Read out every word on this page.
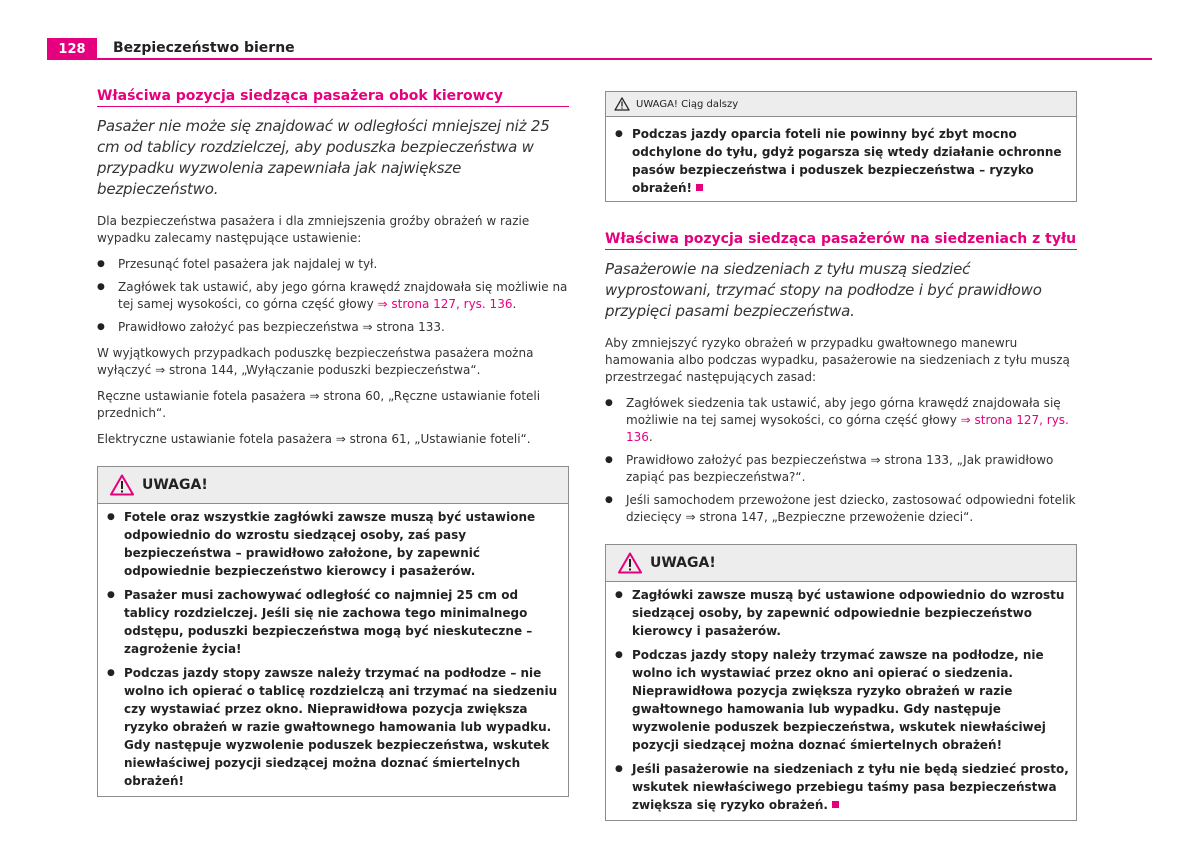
128	Bezpieczeństwo bierne
Właściwa pozycja siedząca pasażera obok kierowcy
Pasażer nie może się znajdować w odległości mniejszej niż 25 cm od tablicy rozdzielczej, aby poduszka bezpieczeństwa w przypadku wyzwolenia zapewniała jak największe bezpieczeństwo.
Dla bezpieczeństwa pasażera i dla zmniejszenia groźby obrażeń w razie wypadku zalecamy następujące ustawienie:
● Przesunąć fotel pasażera jak najdalej w tył.
● Zagłówek tak ustawić, aby jego górna krawędź znajdowała się możliwie na tej samej wysokości, co górna część głowy ⇒ strona 127, rys. 136.
● Prawidłowo założyć pas bezpieczeństwa ⇒ strona 133.
W wyjątkowych przypadkach poduszkę bezpieczeństwa pasażera można wyłączyć ⇒ strona 144, „Wyłączanie poduszki bezpieczeństwa“.
Ręczne ustawianie fotela pasażera ⇒ strona 60, „Ręczne ustawianie foteli przednich“.
Elektryczne ustawianie fotela pasażera ⇒ strona 61, „Ustawianie foteli“.
UWAGA!
● Fotele oraz wszystkie zagłówki zawsze muszą być ustawione odpowiednio do wzrostu siedzącej osoby, zaś pasy bezpieczeństwa – prawidłowo założone, by zapewnić odpowiednie bezpieczeństwo kierowcy i pasażerów.
● Pasażer musi zachowywać odległość co najmniej 25 cm od tablicy rozdzielczej. Jeśli się nie zachowa tego minimalnego odstępu, poduszki bezpieczeństwa mogą być nieskuteczne – zagrożenie życia!
● Podczas jazdy stopy zawsze należy trzymać na podłodze – nie wolno ich opierać o tablicę rozdzielczą ani trzymać na siedzeniu czy wystawiać przez okno. Nieprawidłowa pozycja zwiększa ryzyko obrażeń w razie gwałtownego hamowania lub wypadku. Gdy następuje wyzwolenie poduszek bezpieczeństwa, wskutek niewłaściwej pozycji siedzącej można doznać śmiertelnych obrażeń!
UWAGA! Ciąg dalszy
● Podczas jazdy oparcia foteli nie powinny być zbyt mocno odchylone do tyłu, gdyż pogarsza się wtedy działanie ochronne pasów bezpieczeństwa i poduszek bezpieczeństwa – ryzyko obrażeń!
Właściwa pozycja siedząca pasażerów na siedzeniach z tyłu
Pasażerowie na siedzeniach z tyłu muszą siedzieć wyprostowani, trzymać stopy na podłodze i być prawidłowo przypięci pasami bezpieczeństwa.
Aby zmniejszyć ryzyko obrażeń w przypadku gwałtownego manewru hamowania albo podczas wypadku, pasażerowie na siedzeniach z tyłu muszą przestrzegać następujących zasad:
● Zagłówek siedzenia tak ustawić, aby jego górna krawędź znajdowała się możliwie na tej samej wysokości, co górna część głowy ⇒ strona 127, rys. 136.
● Prawidłowo założyć pas bezpieczeństwa ⇒ strona 133, „Jak prawidłowo zapiąć pas bezpieczeństwa?“.
● Jeśli samochodem przewożone jest dziecko, zastosować odpowiedni fotelik dziecięcy ⇒ strona 147, „Bezpieczne przewożenie dzieci“.
UWAGA!
● Zagłówki zawsze muszą być ustawione odpowiednio do wzrostu siedzącej osoby, by zapewnić odpowiednie bezpieczeństwo kierowcy i pasażerów.
● Podczas jazdy stopy należy trzymać zawsze na podłodze, nie wolno ich wystawiać przez okno ani opierać o siedzenia. Nieprawidłowa pozycja zwiększa ryzyko obrażeń w razie gwałtownego hamowania lub wypadku. Gdy następuje wyzwolenie poduszek bezpieczeństwa, wskutek niewłaściwej pozycji siedzącej można doznać śmiertelnych obrażeń!
● Jeśli pasażerowie na siedzeniach z tyłu nie będą siedzieć prosto, wskutek niewłaściwego przebiegu taśmy pasa bezpieczeństwa zwiększa się ryzyko obrażeń.
